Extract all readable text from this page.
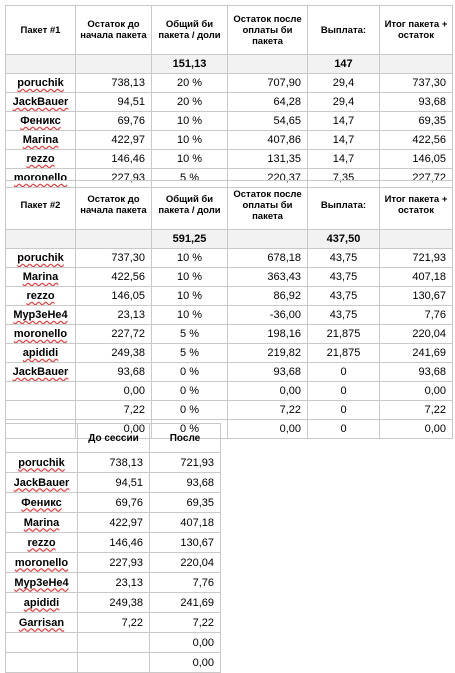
Пакет #1	Остаток до начала пакета	Общий би пакета / доли	Остаток после оплаты би пакета	Выплата:	Итог пакета + остаток
		151,13		147	
poruchik	738,13	20 %	707,90	29,4	737,30
JackBauer	94,51	20 %	64,28	29,4	93,68
Феникс	69,76	10 %	54,65	14,7	69,35
Marina	422,97	10 %	407,86	14,7	422,56
rezzo	146,46	10 %	131,35	14,7	146,05
moronello	227,93	5 %	220,37	7,35	227,72
Пакет #2	Остаток до начала пакета	Общий би пакета / доли	Остаток после оплаты би пакета	Выплата:	Итог пакета + остаток
		591,25		437,50	
poruchik	737,30	10 %	678,18	43,75	721,93
Marina	422,56	10 %	363,43	43,75	407,18
rezzo	146,05	10 %	86,92	43,75	130,67
Мур3еНе4	23,13	10 %	-36,00	43,75	7,76
moronello	227,72	5 %	198,16	21,875	220,04
apididi	249,38	5 %	219,82	21,875	241,69
JackBauer	93,68	0 %	93,68	0	93,68
	0,00	0 %	0,00	0	0,00
	7,22	0 %	7,22	0	7,22
	0,00	0 %	0,00	0	0,00
	До сессии	После
poruchik	738,13	721,93
JackBauer	94,51	93,68
Феникс	69,76	69,35
Marina	422,97	407,18
rezzo	146,46	130,67
moronello	227,93	220,04
Мур3еНе4	23,13	7,76
apididi	249,38	241,69
Garrisan	7,22	7,22
		0,00
		0,00
